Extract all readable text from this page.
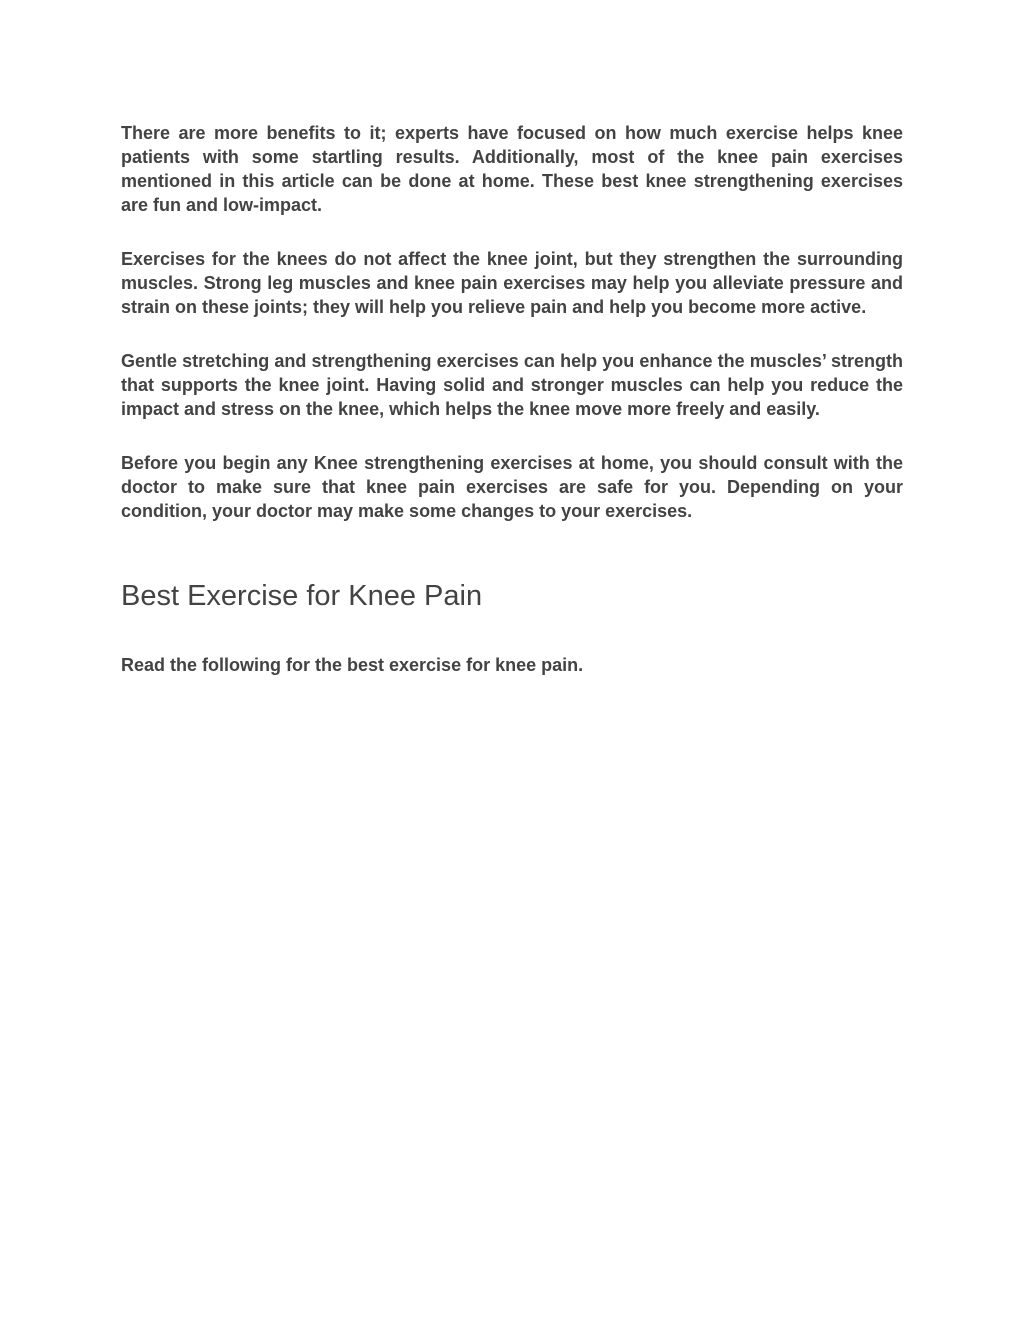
There are more benefits to it; experts have focused on how much exercise helps knee patients with some startling results. Additionally, most of the knee pain exercises mentioned in this article can be done at home. These best knee strengthening exercises are fun and low-impact.

Exercises for the knees do not affect the knee joint, but they strengthen the surrounding muscles. Strong leg muscles and knee pain exercises may help you alleviate pressure and strain on these joints; they will help you relieve pain and help you become more active.

Gentle stretching and strengthening exercises can help you enhance the muscles’ strength that supports the knee joint. Having solid and stronger muscles can help you reduce the impact and stress on the knee, which helps the knee move more freely and easily.

Before you begin any Knee strengthening exercises at home, you should consult with the doctor to make sure that knee pain exercises are safe for you. Depending on your condition, your doctor may make some changes to your exercises.

Best Exercise for Knee Pain

Read the following for the best exercise for knee pain.
